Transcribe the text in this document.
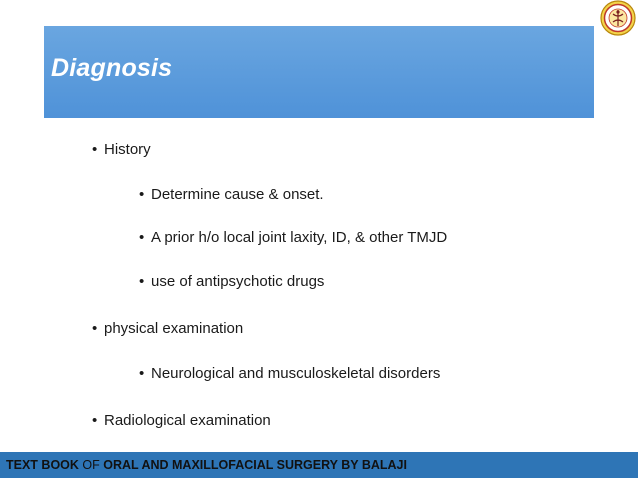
Diagnosis
• History
• Determine cause & onset.
• A prior h/o local joint laxity, ID, & other TMJD
• use of antipsychotic drugs
• physical examination
• Neurological and musculoskeletal disorders
• Radiological examination
TEXT BOOK OF ORAL AND MAXILLOFACIAL SURGERY BY BALAJI
